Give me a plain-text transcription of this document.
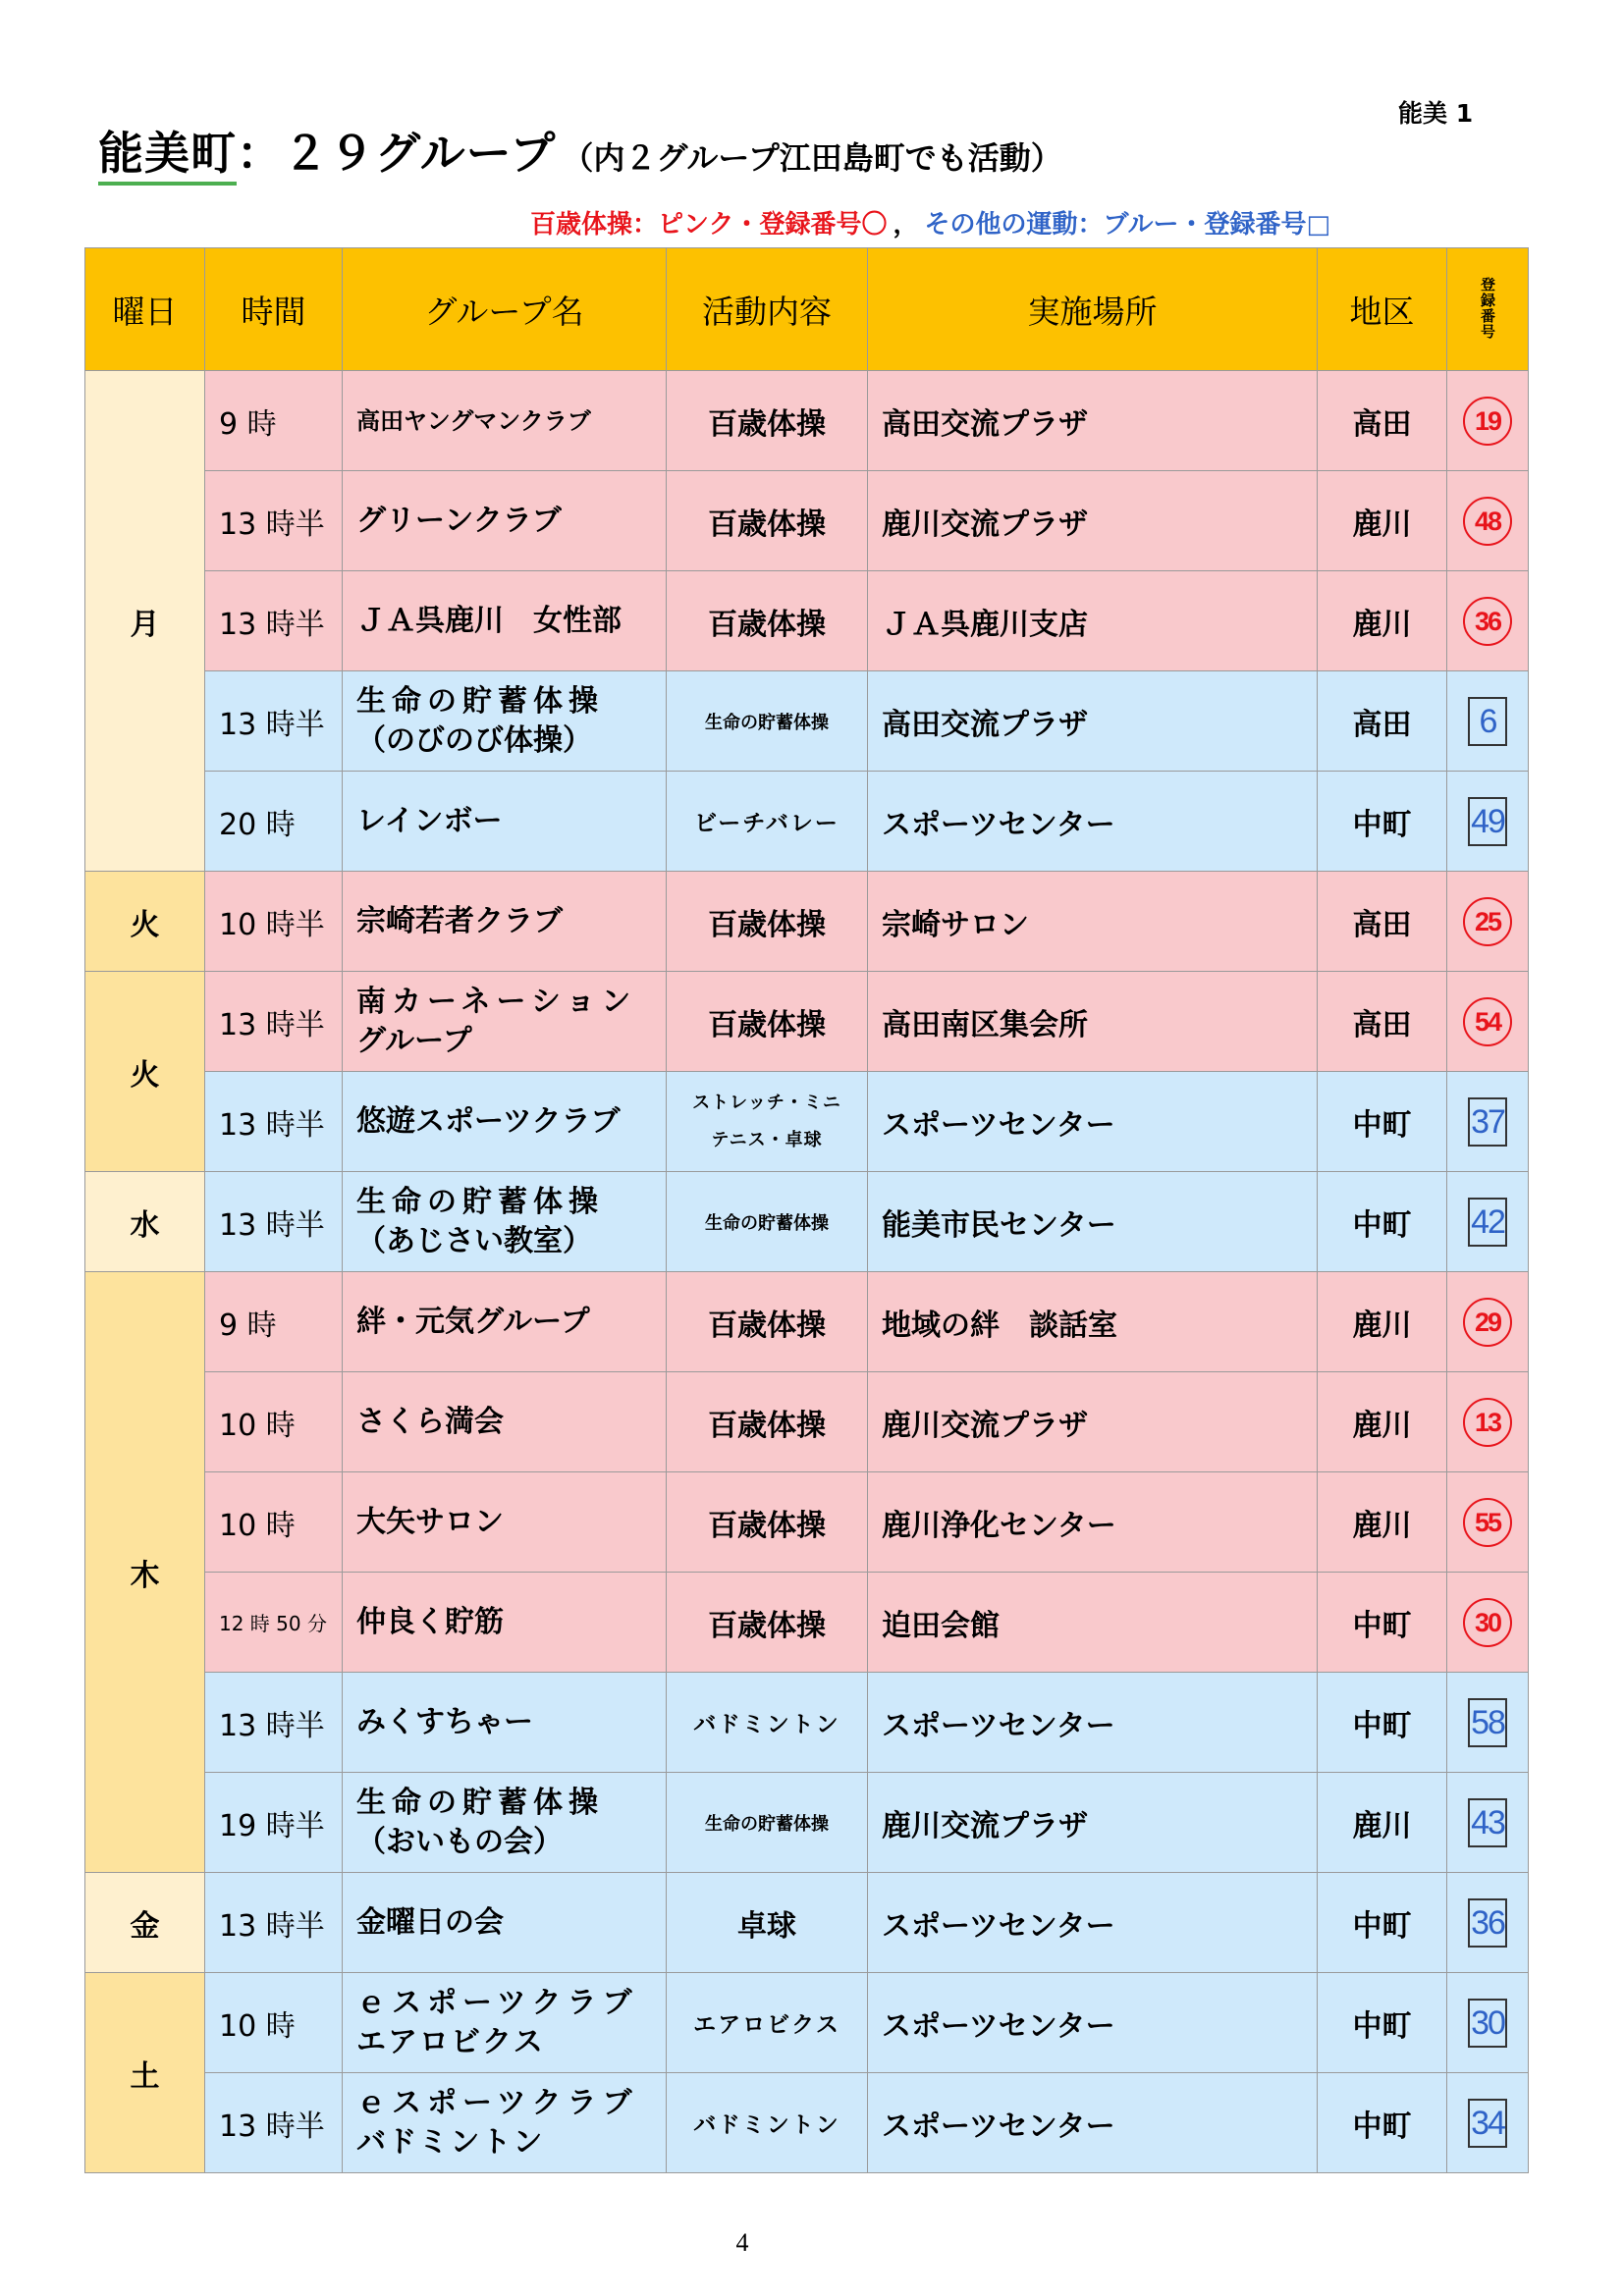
能美 1
能美町：２９グループ （内２グループ江田島町でも活動）
百歳体操：ピンク・登録番号〇 ， その他の運動：ブルー・登録番号□
曜日	時間	グループ名	活動内容	実施場所	地区	登録番号
月	9 時	高田ヤングマンクラブ	百歳体操	高田交流プラザ	高田	19
	13 時半	グリーンクラブ	百歳体操	鹿川交流プラザ	鹿川	48
	13 時半	ＪＡ呉鹿川　女性部	百歳体操	ＪＡ呉鹿川支店	鹿川	36
	13 時半	生命の貯蓄体操
（のびのび体操）	生命の貯蓄体操	高田交流プラザ	高田	6
	20 時	レインボー	ビーチバレー	スポーツセンター	中町	49
火	10 時半	宗崎若者クラブ	百歳体操	宗崎サロン	高田	25
火	13 時半	南カーネーション
グループ	百歳体操	高田南区集会所	高田	54
	13 時半	悠遊スポーツクラブ	ストレッチ・ミニ
テニス・卓球	スポーツセンター	中町	37
水	13 時半	生命の貯蓄体操
（あじさい教室）	生命の貯蓄体操	能美市民センター	中町	42
木	9 時	絆・元気グループ	百歳体操	地域の絆　談話室	鹿川	29
	10 時	さくら満会	百歳体操	鹿川交流プラザ	鹿川	13
	10 時	大矢サロン	百歳体操	鹿川浄化センター	鹿川	55
	12 時 50 分	仲良く貯筋	百歳体操	迫田会館	中町	30
	13 時半	みくすちゃー	バドミントン	スポーツセンター	中町	58
	19 時半	生命の貯蓄体操
（おいもの会）	生命の貯蓄体操	鹿川交流プラザ	鹿川	43
金	13 時半	金曜日の会	卓球	スポーツセンター	中町	36
土	10 時	ｅスポーツクラブ
エアロビクス	エアロビクス	スポーツセンター	中町	30
	13 時半	ｅスポーツクラブ
バドミントン	バドミントン	スポーツセンター	中町	34
4
